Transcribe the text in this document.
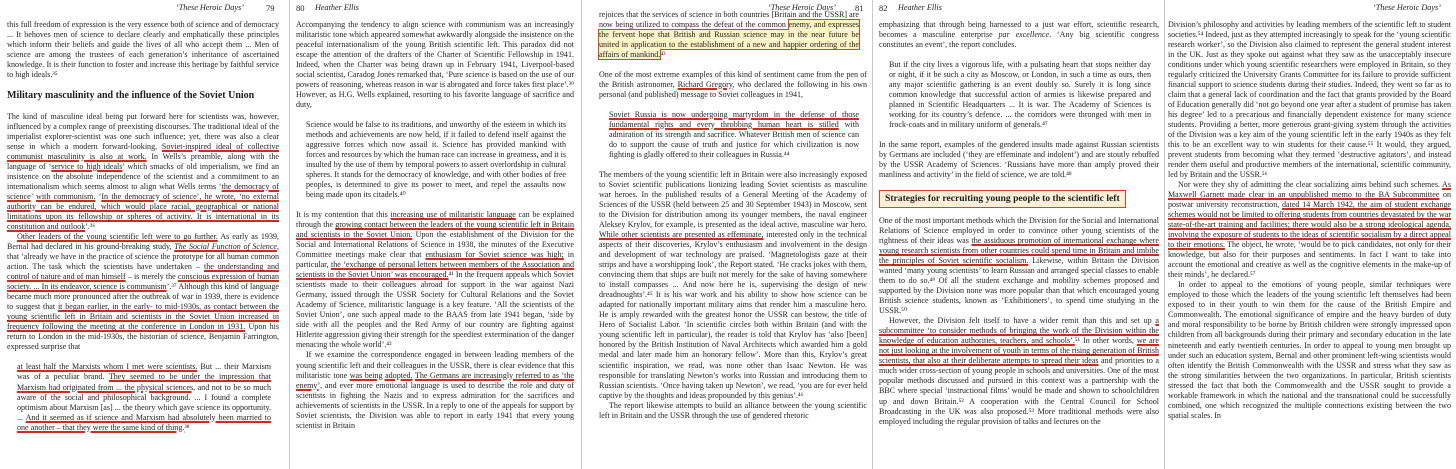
‘These Heroic Days’	79

this full freedom of expression is the very essence both of science and of democracy ... It behoves men of science to declare clearly and emphatically these principles which inform their beliefs and guide the lives of all who accept them ... Men of science are among the trustees of each generation’s inheritance of ascertained knowledge. It is their function to foster and increase this heritage by faithful service to high ideals.³⁵

Military masculinity and the influence of the Soviet Union

The kind of masculine ideal being put forward here for scientists was, however, influenced by a complex range of preexisting discourses. The traditional ideal of the imperialist explorer-scientist was one such influence; yet, there was also a clear sense in which a modern forward-looking, Soviet-inspired ideal of collective communist masculinity is also at work. In Wells’s preamble, along with the language of ‘service to high ideals’ which smacks of old imperialism, we find an insistence on the absolute independence of the scientist and a commitment to an internationalism which seems almost to align what Wells terms ‘the democracy of science’ with communism. ‘In the democracy of science’, he wrote, ‘no external authority can be endured, which would place racial, geographical or national limitations upon its fellowship or spheres of activity. It is international in its constitution and outlook’.³⁶

Other leaders of the young scientific left were to go further. As early as 1939, Bernal had declared in his ground-breaking study, The Social Function of Science, that ‘already we have in the practice of science the prototype for all human common action. The task which the scientists have undertaken – the understanding and control of nature and of man himself – is merely the conscious expression of human society. ... In its endeavor, science is communism’.³⁷ Although this kind of language became much more pronounced after the outbreak of war in 1939, there is evidence to suggest that it began earlier, in the early- to mid-1930s, as contact between the young scientific left in Britain and scientists in the Soviet Union increased in frequency following the meeting at the conference in London in 1931. Upon his return to London in the mid-1930s, the historian of science, Benjamin Farrington, expressed surprise that

at least half the Marxists whom I met were scientists. But ... their Marxism was of a peculiar brand. They seemed to be under the impression that Marxism had originated from ... the physical sciences, and not to be so much aware of the social and philosophical background. ... I found a complete optimism about Marxism [as] ... the theory which gave science its opportunity. ... And it seemed as if science and Marxism had absolutely been married to one another – that they were the same kind of thing.³⁸

80 Heather Ellis

Accompanying the tendency to align science with communism was an increasingly militaristic tone which appeared somewhat awkwardly alongside the insistence on the peaceful internationalism of the young British scientific left. This paradox did not escape the attention of the drafters of the Charter of Scientific Fellowship in 1941. Indeed, when the Charter was being drawn up in February 1941, Liverpool-based social scientist, Caradog Jones remarked that, ‘Pure science is based on the use of our powers of reasoning, whereas reason in war is abrogated and force takes first place’.³⁹ However, as H.G. Wells explained, resorting to his favorite language of sacrifice and duty,

Science would be false to its traditions, and unworthy of the esteem in which its methods and achievements are now held, if it failed to defend itself against the aggressive forces which now assail it. Science has provided mankind with forces and resources by which the human race can increase in greatness, and it is insulted by the use of them by temporal powers to assert overlordship in cultural spheres. It stands for the democracy of knowledge, and with other bodies of free peoples, is determined to give its power to meet, and repel the assaults now being made upon its citadels.⁴⁰

It is my contention that this increasing use of militaristic language can be explained through the growing contact between the leaders of the young scientific left in Britain and scientists in the Soviet Union. Upon the establishment of the Division for the Social and International Relations of Science in 1938, the minutes of the Executive Committee meetings make clear that enthusiasm for Soviet science was high; in particular, the ‘exchange of personal letters between members of the Association and scientists in the Soviet Union’ was encouraged.⁴¹ In the frequent appeals which Soviet scientists made to their colleagues abroad for support in the war against Nazi Germany, issued through the USSR Society for Cultural Relations and the Soviet Academy of Science, militaristic language is a key feature. ‘All the scientists of the Soviet Union’, one such appeal made to the BAAS from late 1941 began, ‘side by side with all the peoples and the Red Army of our country are fighting against Hitlerite aggression giving their strength for the speediest extermination of the danger menacing the whole world’.⁴²

If we examine the correspondence engaged in between leading members of the young scientific left and their colleagues in the USSR, there is clear evidence that this militaristic tone was being adopted. The Germans are increasingly referred to as ‘the enemy’, and ever more emotional language is used to describe the role and duty of scientists in fighting the Nazis and to express admiration for the sacrifices and achievements of scientists in the USSR. In a reply to one of the appeals for support by Soviet scientists, the Division was able to report in early 1941 that every young scientist in Britain

‘These Heroic Days’ 81

rejoices that the services of science in both countries [Britain and the USSR] are now being utilized to compass the defeat of the common enemy, and expresses the fervent hope that British and Russian science may in the near future be united in application to the establishment of a new and happier ordering of the affairs of mankind.⁴³

One of the most extreme examples of this kind of sentiment came from the pen of the British astronomer, Richard Gregory, who declared the following in his own personal (and published) message to Soviet colleagues in 1941,

Soviet Russia is now undergoing martyrdom in the defense of those fundamental rights and every throbbing human heart is stilled with admiration of its strength and sacrifice. Whatever British men of science can do to support the cause of truth and justice for which civilization is now fighting is gladly offered to their colleagues in Russia.⁴⁴

The members of the young scientific left in Britain were also increasingly exposed to Soviet scientific publications lionizing leading Soviet scientists as masculine war heroes. In the published results of a General Meeting of the Academy of Sciences of the USSR (held between 25 and 30 September 1943) in Moscow, sent to the Division for distribution among its younger members, the naval engineer Aleksey Krylov, for example, is presented as the ideal active, masculine war hero. While other scientists are presented as effeminate, interested only in the technical aspects of their discoveries, Krylov’s enthusiasm and involvement in the design and development of war technology are praised. ‘Magnetologists gaze at their strips and have a worshipping look’, the Report stated. ‘He cracks jokes with them, convincing them that ships are built not merely for the sake of having somewhere to install compasses ... And now here he is, supervising the design of new dreadnoughts’.⁴⁵ It is his war work and his ability to show how science can be adapted for nationally important military aims that render him a masculine hero. He is amply rewarded with the greatest honor the USSR can bestow, the title of Hero of Socialist Labor. ‘In scientific circles both within Britain (and with the young scientific left in particular), the reader is told that Krylov has ‘also [been] honored by the British Institution of Naval Architects which awarded him a gold medal and later made him an honorary fellow’. More than this, Krylov’s great scientific inspiration, we read, was none other than Isaac Newton. He was responsible for translating Newton’s works into Russian and introducing them to Russian scientists. ‘Once having taken up Newton’, we read, ‘you are for ever held captive by the thoughts and ideas propounded by this genius’.⁴⁶

The report likewise attempts to build an alliance between the young scientific left in Britain and the USSR through the use of gendered rhetoric

82 Heather Ellis

emphasizing that through being harnessed to a just war effort, scientific research, becomes a masculine enterprise par excellence. ‘Any big scientific congress constitutes an event’, the report concludes.

But if the city lives a vigorous life, with a pulsating heart that stops neither day or night, if it be such a city as Moscow, or London, in such a time as ours, then any major scientific gathering is an event doubly so. Surely it is long since common knowledge that successful action of armies is likewise prepared and planned in Scientific Headquarters ... It is war. The Academy of Sciences is working for its country’s defence. ... the corridors were thronged with men in frock-coats and in military uniform of generals.⁴⁷

In the same report, examples of the gendered insults made against Russian scientists by Germans are included (‘they are effeminate and indolent’) and are stoutly rebuffed by the USSR Academy of Sciences. ‘Russians have more than amply proved their manliness and activity’ in the field of science, we are told.⁴⁸

Strategies for recruiting young people to the scientific left

One of the most important methods which the Division for the Social and International Relations of Science employed in order to convince other young scientists of the rightness of their ideas was the assiduous promotion of international exchange where young research scientists from other countries could spend time in Britain and imbibe the principles of Soviet scientific socialism. Likewise, within Britain the Division wanted ‘many young scientists’ to learn Russian and arranged special classes to enable them to do so.⁴⁹ Of all the student exchange and mobility schemes proposed and supported by the Division none was more popular than that which encouraged young British science students, known as ‘Exhibitioners’, to spend time studying in the USSR.⁵⁰

However, the Division felt itself to have a wider remit than this and set up a subcommittee ‘to consider methods of bringing the work of the Division within the knowledge of education authorities, teachers, and schools’.⁵¹ In other words, we are not just looking at the involvement of youth in terms of the rising generation of British scientists, that also at their deliberate attempts to spread their ideas and priorities to a much wider cross-section of young people in schools and universities. One of the most popular methods discussed and pursued in this context was a partnership with the BBC where special ‘instructional films’ would be made and shown to schoolchildren up and down Britain.⁵² A cooperation with the Central Council for School Broadcasting in the UK was also proposed.⁵³ More traditional methods were also employed including the regular provision of talks and lectures on the

‘These Heroic Days’

Division’s philosophy and activities by leading members of the scientific left to student societies.⁵⁴ Indeed, just as they attempted increasingly to speak for the ‘young scientific research worker’, so the Division also claimed to represent the general student interest in the UK. Just as they spoke out against what they saw as the unacceptably insecure conditions under which young scientific researchers were employed in Britain, so they regularly criticized the University Grants Committee for its failure to provide sufficient financial support to science students during their studies. Indeed, they went so far as to claim that a general lack of coordination and the fact that grants provided by the Board of Education generally did ‘not go beyond one year after a student of promise has taken his degree’ led to a precarious and financially dependent existence for many science students. Providing a better, more generous grant-giving system through the activities of the Division was a key aim of the young scientific left in the early 1940s as they felt this to be an excellent way to win students for their cause.⁵⁵ It would, they argued, prevent students from becoming what they termed ‘destructive agitators’, and instead render them useful and productive members of the international, scientific community, led by Britain and the USSR.⁵⁶

Nor were they shy of admitting the clear socializing aims behind such schemes. As Maxwell Garnett made clear in an unpublished memo to the BA Subcommittee on postwar university reconstruction, dated 14 March 1942, the aim of student exchange schemes would not be limited to offering students from countries devastated by the war state-of-the-art training and facilities; there would also be a strong ideological agenda, involving the exposure of students to the ideas of scientific socialism by a direct appeal to their emotions. The object, he wrote, ‘would be to pick candidates, not only for their knowledge, but also for their purposes and sentiments. In fact I want to take into account the emotional and creative as well as the cognitive elements in the make-up of their minds’, he declared.⁵⁷

In order to appeal to the emotions of young people, similar techniques were employed to those which the leaders of the young scientific left themselves had been exposed to in their youth to win them for the cause of the British Empire and Commonwealth. The emotional significance of empire and the heavy burden of duty and moral responsibility to be borne by British children were strongly impressed upon children from all backgrounds during their primary and secondary education in the late nineteenth and early twentieth centuries. In order to appeal to young men brought up under such an education system, Bernal and other prominent left-wing scientists would often identify the British Commonwealth with the USSR and stress what they saw as the strong similarities between the two organizations. In particular, British scientists stressed the fact that both the Commonwealth and the USSR sought to provide a workable framework in which the national and the transnational could be successfully combined, one which recognized the multiple connections existing between the two spatial scales. In
